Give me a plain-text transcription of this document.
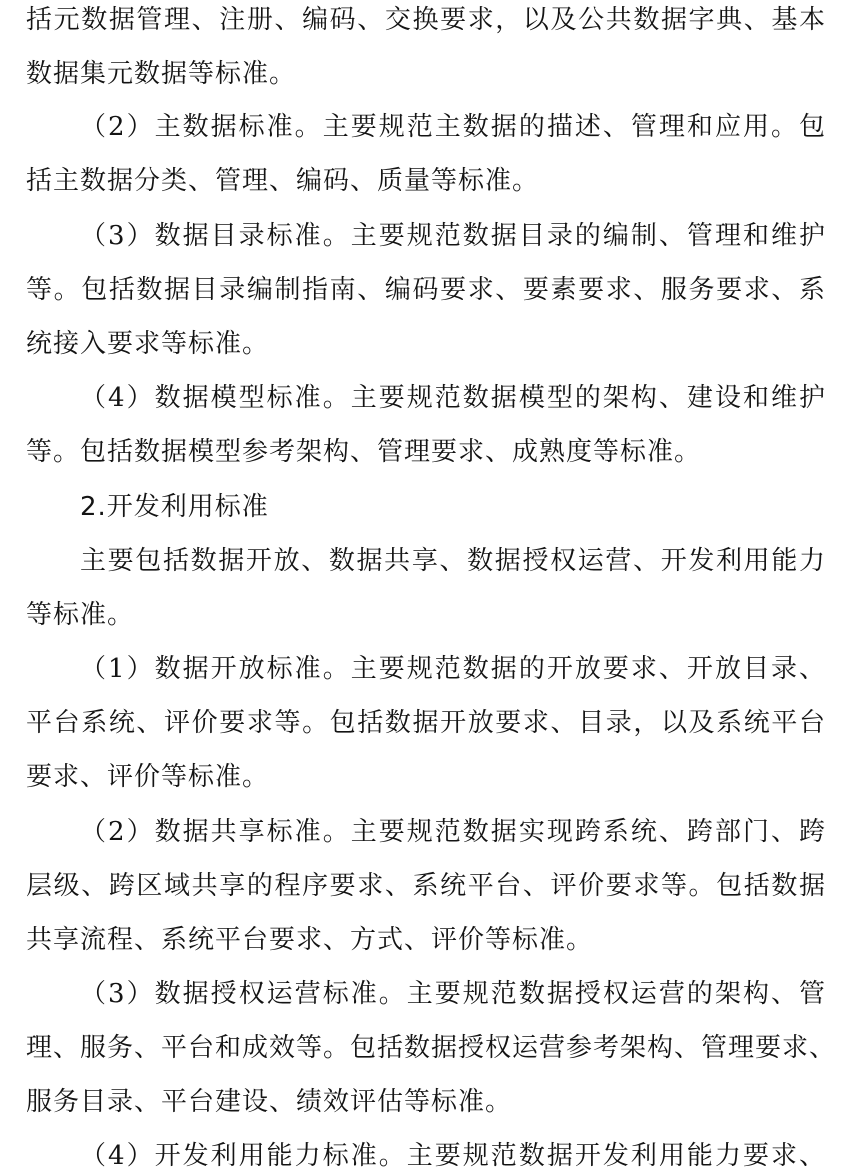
括元数据管理、注册、编码、交换要求，以及公共数据字典、基本
数据集元数据等标准。
（2）主数据标准。主要规范主数据的描述、管理和应用。包
括主数据分类、管理、编码、质量等标准。
（3）数据目录标准。主要规范数据目录的编制、管理和维护
等。包括数据目录编制指南、编码要求、要素要求、服务要求、系
统接入要求等标准。
（4）数据模型标准。主要规范数据模型的架构、建设和维护
等。包括数据模型参考架构、管理要求、成熟度等标准。
2.开发利用标准
主要包括数据开放、数据共享、数据授权运营、开发利用能力
等标准。
（1）数据开放标准。主要规范数据的开放要求、开放目录、
平台系统、评价要求等。包括数据开放要求、目录，以及系统平台
要求、评价等标准。
（2）数据共享标准。主要规范数据实现跨系统、跨部门、跨
层级、跨区域共享的程序要求、系统平台、评价要求等。包括数据
共享流程、系统平台要求、方式、评价等标准。
（3）数据授权运营标准。主要规范数据授权运营的架构、管
理、服务、平台和成效等。包括数据授权运营参考架构、管理要求、
服务目录、平台建设、绩效评估等标准。
（4）开发利用能力标准。主要规范数据开发利用能力要求、
